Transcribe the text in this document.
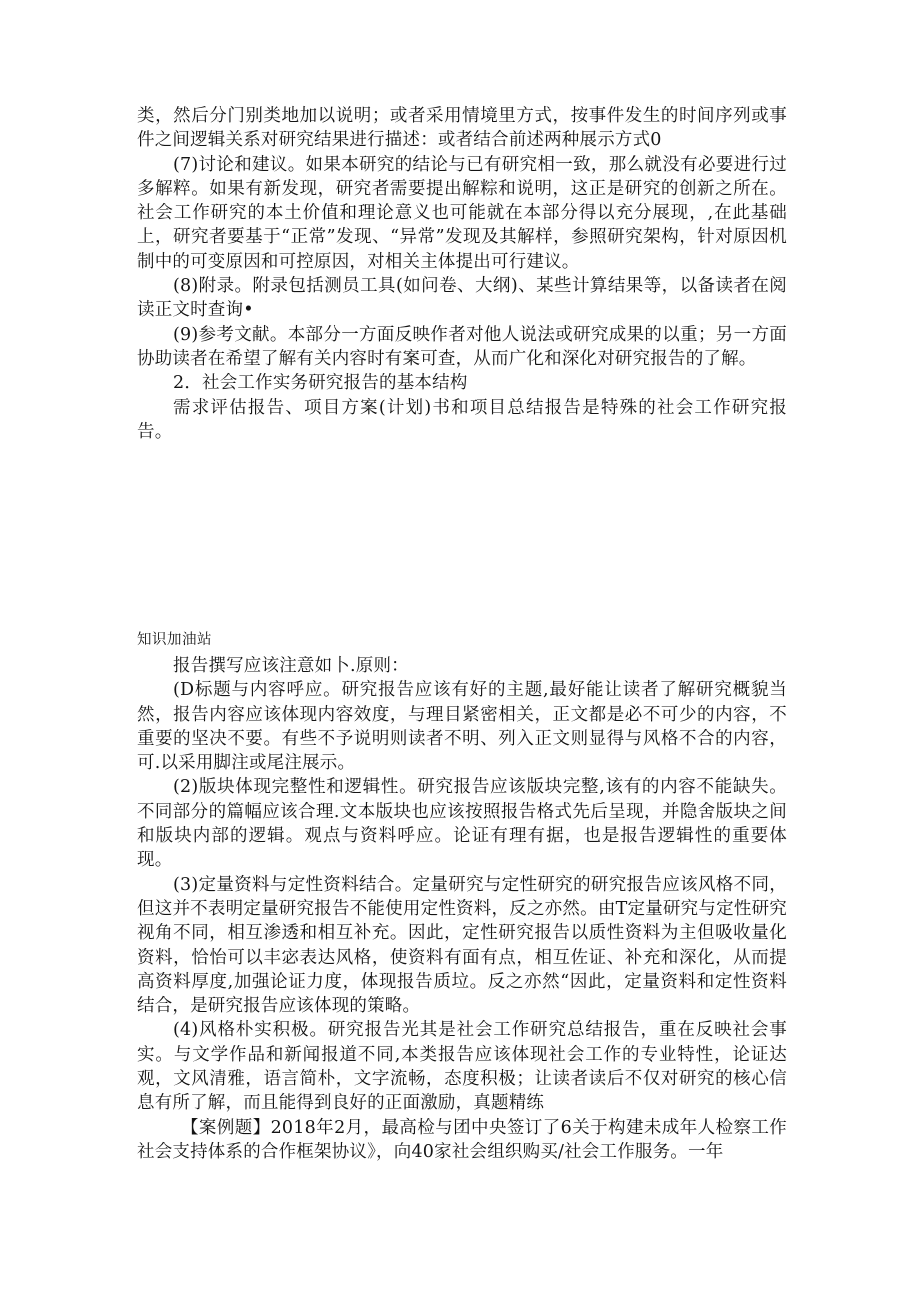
类，然后分门别类地加以说明；或者采用情境里方式，按事件发生的时间序列或事件之间逻辑关系对研究结果进行描述：或者结合前述两种展示方式0

(7)讨论和建议。如果本研究的结论与已有研究相一致，那么就没有必要进行过多解粹。如果有新发现，研究者需要提出解粽和说明，这正是研究的创新之所在。社会工作研究的本土价值和理论意义也可能就在本部分得以充分展现，,在此基础上，研究者要基于“正常”发现、“异常”发现及其解样，参照研究架构，针对原因机制中的可变原因和可控原因，对相关主体提出可行建议。

(8)附录。附录包括测员工具(如问卷、大纲)、某些计算结果等，以备读者在阅读正文时查询•

(9)参考文献。本部分一方面反映作者对他人说法或研究成果的以重；另一方面协助读者在希望了解有关内容时有案可查，从而广化和深化对研究报告的了解。

2．社会工作实务研究报告的基本结构

需求评估报告、项目方案(计划)书和项目总结报告是特殊的社会工作研究报告。

知识加油站

报告撰写应该注意如卜.原则：

(D标题与内容呼应。研究报告应该有好的主题,最好能让读者了解研究概貌当然，报告内容应该体现内容效度，与理目紧密相关，正文都是必不可少的内容，不重要的坚决不要。有些不予说明则读者不明、列入正文则显得与风格不合的内容，可.以采用脚注或尾注展示。

(2)版块体现完整性和逻辑性。研究报告应该版块完整,该有的内容不能缺失。不同部分的篇幅应该合理.文本版块也应该按照报告格式先后呈现，并隐舍版块之间和版块内部的逻辑。观点与资料呼应。论证有理有据，也是报告逻辑性的重要体现。

(3)定量资料与定性资料结合。定量研究与定性研究的研究报告应该风格不同，但这并不表明定量研究报告不能使用定性资料，反之亦然。由T定量研究与定性研究视角不同，相互渗透和相互补充。因此，定性研究报告以质性资料为主但吸收量化资料，恰怡可以丰宓表达风格，使资料有面有点，相互佐证、补充和深化，从而提高资料厚度,加强论证力度，体现报告质垃。反之亦然“因此，定量资料和定性资料结合，是研究报告应该体现的策略。

(4)风格朴实积极。研究报告光其是社会工作研究总结报告，重在反映社会事实。与文学作品和新闻报道不同,本类报告应该体现社会工作的专业特性，论证达观，文风清雅，语言简朴，文字流畅，态度积极；让读者读后不仅对研究的核心信息有所了解，而且能得到良好的正面激励，真题精练

【案例题】2018年2月，最高检与团中央签订了6关于构建未成年人检察工作社会支持体系的合作框架协议》，向40家社会组织购买/社会工作服务。一年
